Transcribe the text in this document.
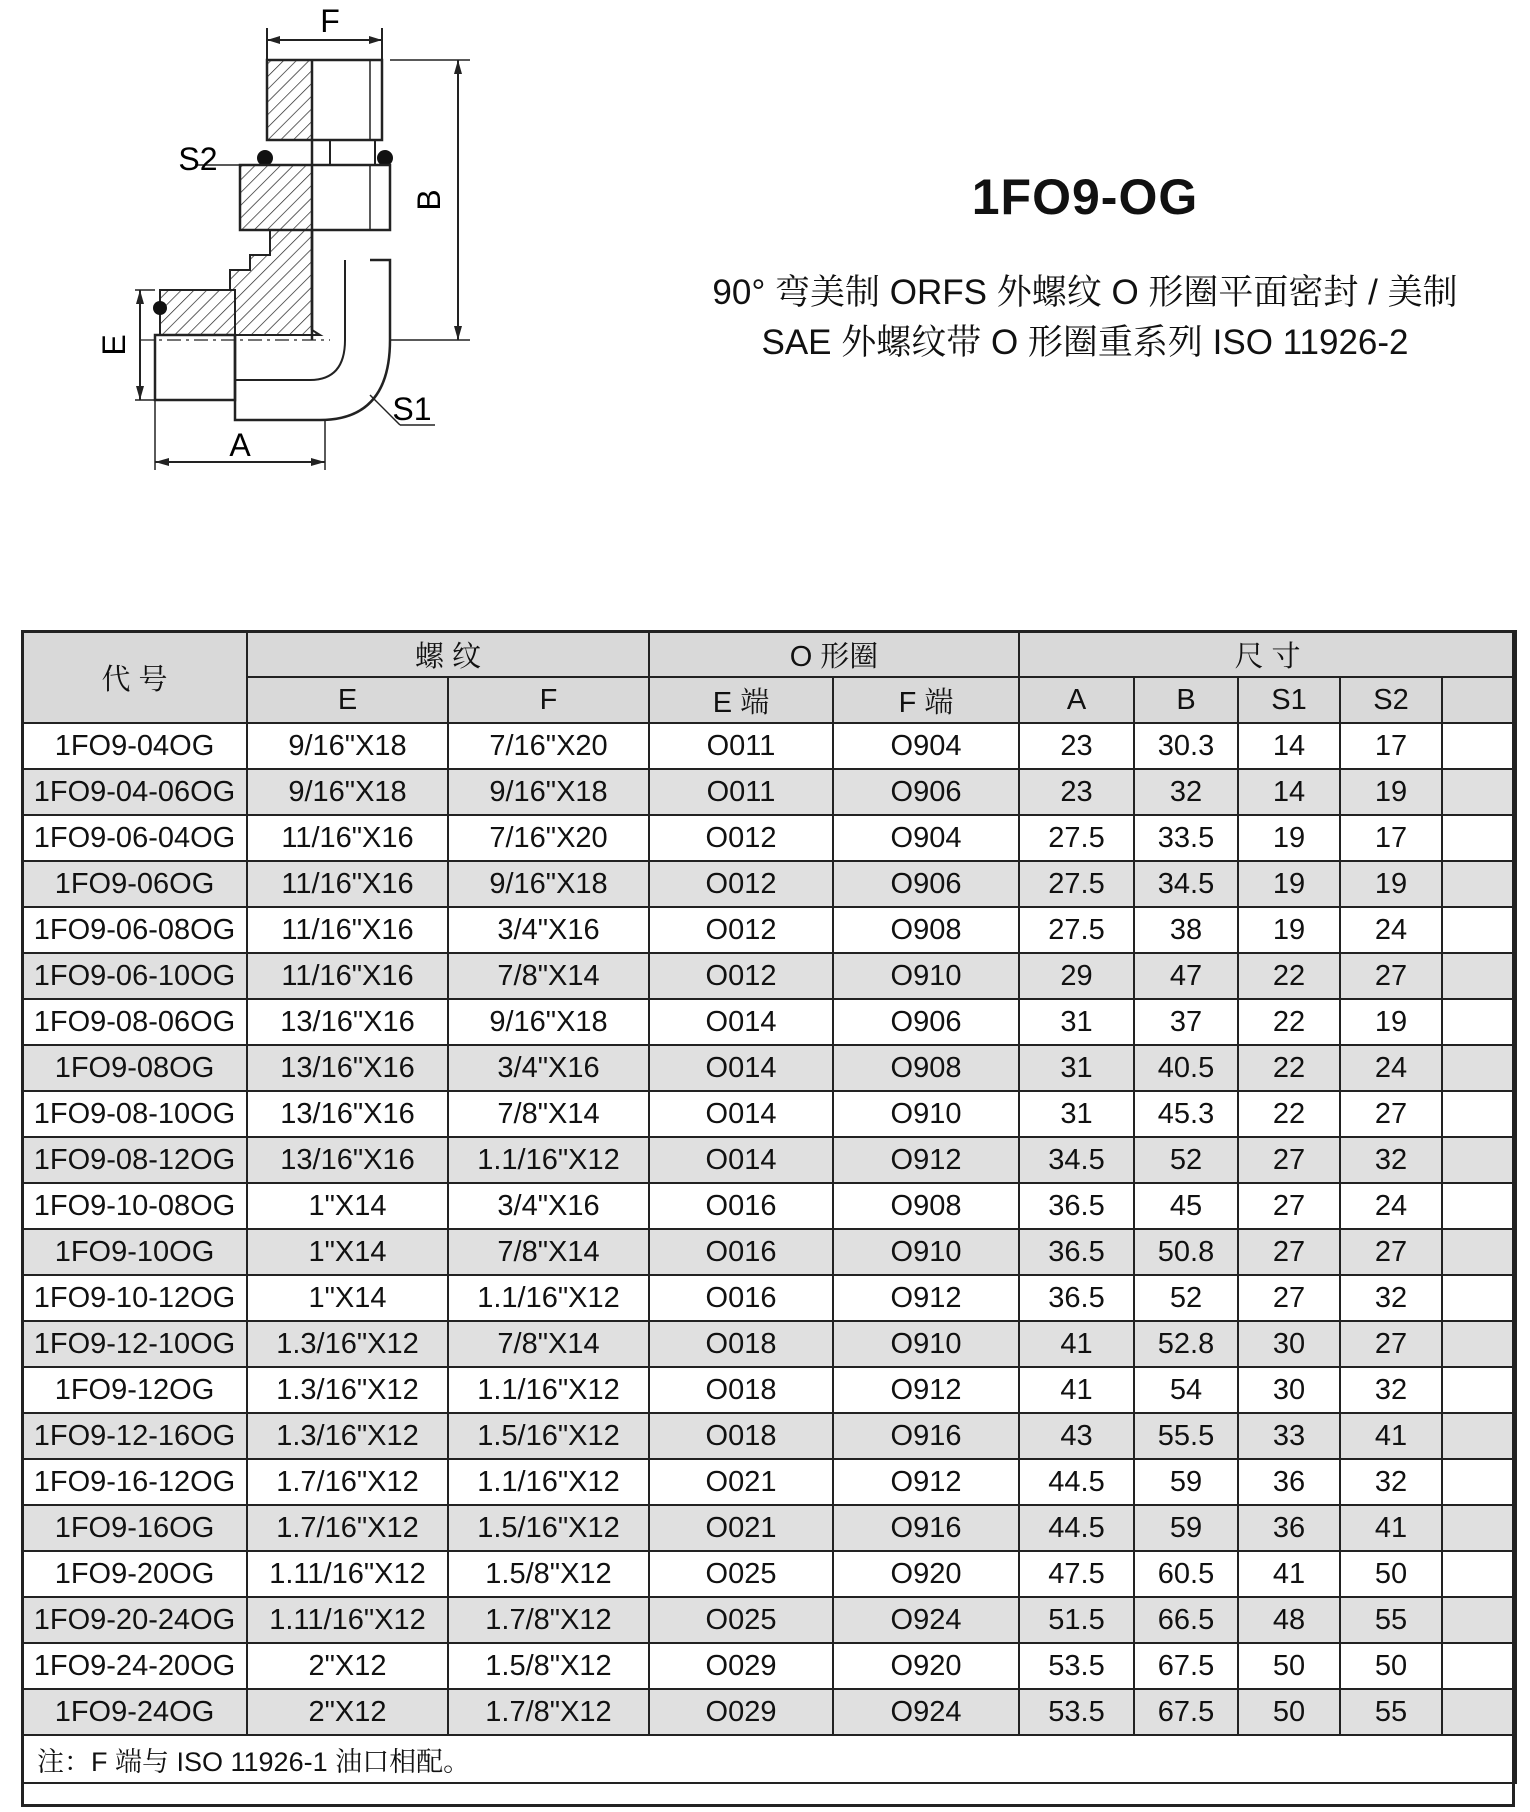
F
S2
B
E
S1
A
1FO9-OG
90° 弯美制 ORFS 外螺纹 O 形圈平面密封 / 美制
SAE 外螺纹带 O 形圈重系列 ISO 11926-2
代 号	螺 纹		O 形圈		尺 寸				
	E	F	E 端	F 端	A	B	S1	S2	
1FO9-04OG	9/16"X18	7/16"X20	O011	O904	23	30.3	14	17	
1FO9-04-06OG	9/16"X18	9/16"X18	O011	O906	23	32	14	19	
1FO9-06-04OG	11/16"X16	7/16"X20	O012	O904	27.5	33.5	19	17	
1FO9-06OG	11/16"X16	9/16"X18	O012	O906	27.5	34.5	19	19	
1FO9-06-08OG	11/16"X16	3/4"X16	O012	O908	27.5	38	19	24	
1FO9-06-10OG	11/16"X16	7/8"X14	O012	O910	29	47	22	27	
1FO9-08-06OG	13/16"X16	9/16"X18	O014	O906	31	37	22	19	
1FO9-08OG	13/16"X16	3/4"X16	O014	O908	31	40.5	22	24	
1FO9-08-10OG	13/16"X16	7/8"X14	O014	O910	31	45.3	22	27	
1FO9-08-12OG	13/16"X16	1.1/16"X12	O014	O912	34.5	52	27	32	
1FO9-10-08OG	1"X14	3/4"X16	O016	O908	36.5	45	27	24	
1FO9-10OG	1"X14	7/8"X14	O016	O910	36.5	50.8	27	27	
1FO9-10-12OG	1"X14	1.1/16"X12	O016	O912	36.5	52	27	32	
1FO9-12-10OG	1.3/16"X12	7/8"X14	O018	O910	41	52.8	30	27	
1FO9-12OG	1.3/16"X12	1.1/16"X12	O018	O912	41	54	30	32	
1FO9-12-16OG	1.3/16"X12	1.5/16"X12	O018	O916	43	55.5	33	41	
1FO9-16-12OG	1.7/16"X12	1.1/16"X12	O021	O912	44.5	59	36	32	
1FO9-16OG	1.7/16"X12	1.5/16"X12	O021	O916	44.5	59	36	41	
1FO9-20OG	1.11/16"X12	1.5/8"X12	O025	O920	47.5	60.5	41	50	
1FO9-20-24OG	1.11/16"X12	1.7/8"X12	O025	O924	51.5	66.5	48	55	
1FO9-24-20OG	2"X12	1.5/8"X12	O029	O920	53.5	67.5	50	50	
1FO9-24OG	2"X12	1.7/8"X12	O029	O924	53.5	67.5	50	55	
注：F 端与 ISO 11926-1 油口相配。									
